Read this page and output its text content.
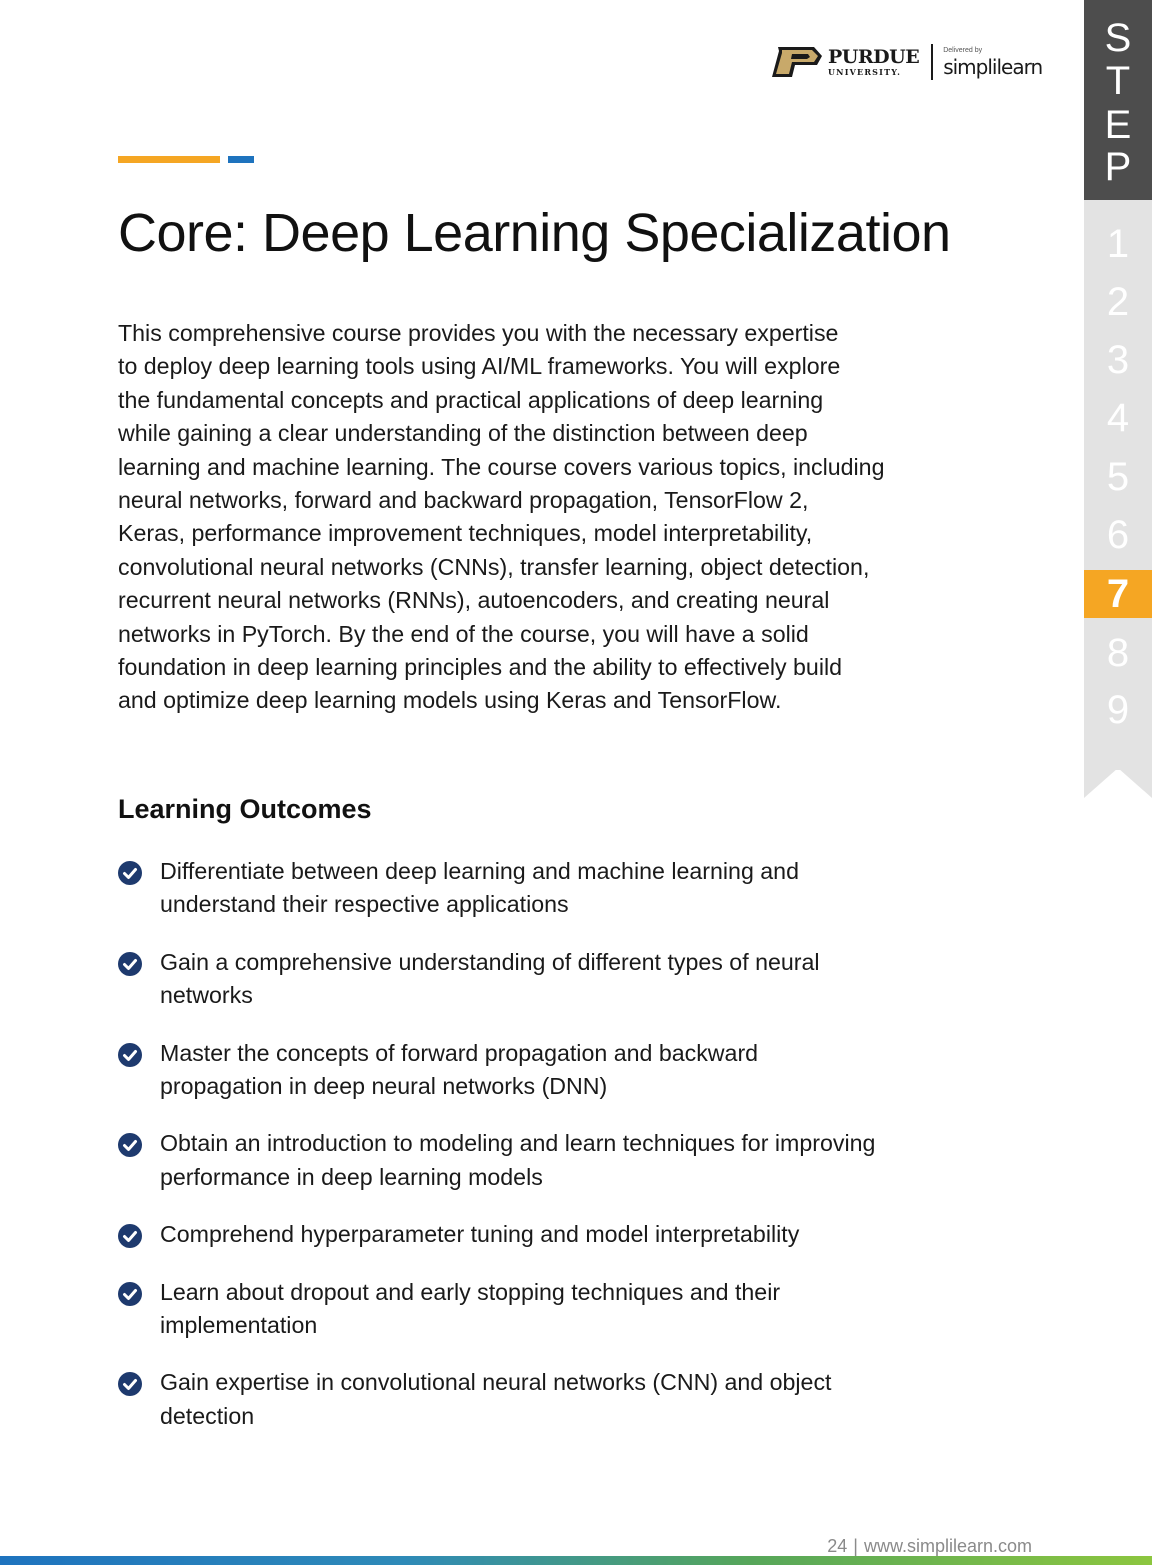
PURDUE
UNIVERSITY.
Delivered by
simplilearn
Core: Deep Learning Specialization
This comprehensive course provides you with the necessary expertise
to deploy deep learning tools using AI/ML frameworks. You will explore
the fundamental concepts and practical applications of deep learning
while gaining a clear understanding of the distinction between deep
learning and machine learning. The course covers various topics, including
neural networks, forward and backward propagation, TensorFlow 2,
Keras, performance improvement techniques, model interpretability,
convolutional neural networks (CNNs), transfer learning, object detection,
recurrent neural networks (RNNs), autoencoders, and creating neural
networks in PyTorch. By the end of the course, you will have a solid
foundation in deep learning principles and the ability to effectively build
and optimize deep learning models using Keras and TensorFlow.
Learning Outcomes
Differentiate between deep learning and machine learning and
understand their respective applications
Gain a comprehensive understanding of different types of neural
networks
Master the concepts of forward propagation and backward
propagation in deep neural networks (DNN)
Obtain an introduction to modeling and learn techniques for improving
performance in deep learning models
Comprehend hyperparameter tuning and model interpretability
Learn about dropout and early stopping techniques and their
implementation
Gain expertise in convolutional neural networks (CNN) and object
detection
24 | www.simplilearn.com
S
T
E
P
1
2
3
4
5
6
7
8
9
